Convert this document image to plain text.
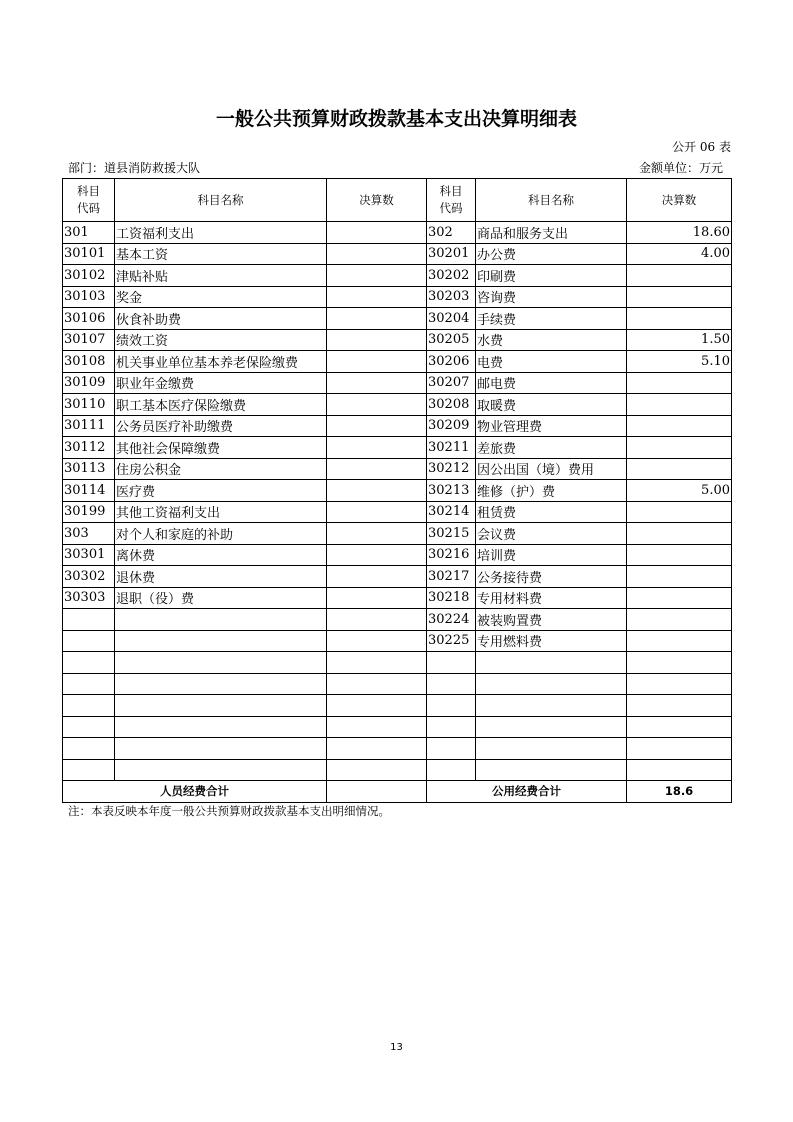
一般公共预算财政拨款基本支出决算明细表
公开 06 表
部门：道县消防救援大队	金额单位：万元
科目代码	科目名称	决算数	科目代码	科目名称	决算数
301	工资福利支出		302	商品和服务支出	18.60
30101	基本工资		30201	办公费	4.00
30102	津贴补贴		30202	印刷费	
30103	奖金		30203	咨询费	
30106	伙食补助费		30204	手续费	
30107	绩效工资		30205	水费	1.50
30108	机关事业单位基本养老保险缴费		30206	电费	5.10
30109	职业年金缴费		30207	邮电费	
30110	职工基本医疗保险缴费		30208	取暖费	
30111	公务员医疗补助缴费		30209	物业管理费	
30112	其他社会保障缴费		30211	差旅费	
30113	住房公积金		30212	因公出国（境）费用	
30114	医疗费		30213	维修（护）费	5.00
30199	其他工资福利支出		30214	租赁费	
303	对个人和家庭的补助		30215	会议费	
30301	离休费		30216	培训费	
30302	退休费		30217	公务接待费	
30303	退职（役）费		30218	专用材料费	
			30224	被装购置费	
			30225	专用燃料费	

人员经费合计			公用经费合计		18.6
注：本表反映本年度一般公共预算财政拨款基本支出明细情况。
13
